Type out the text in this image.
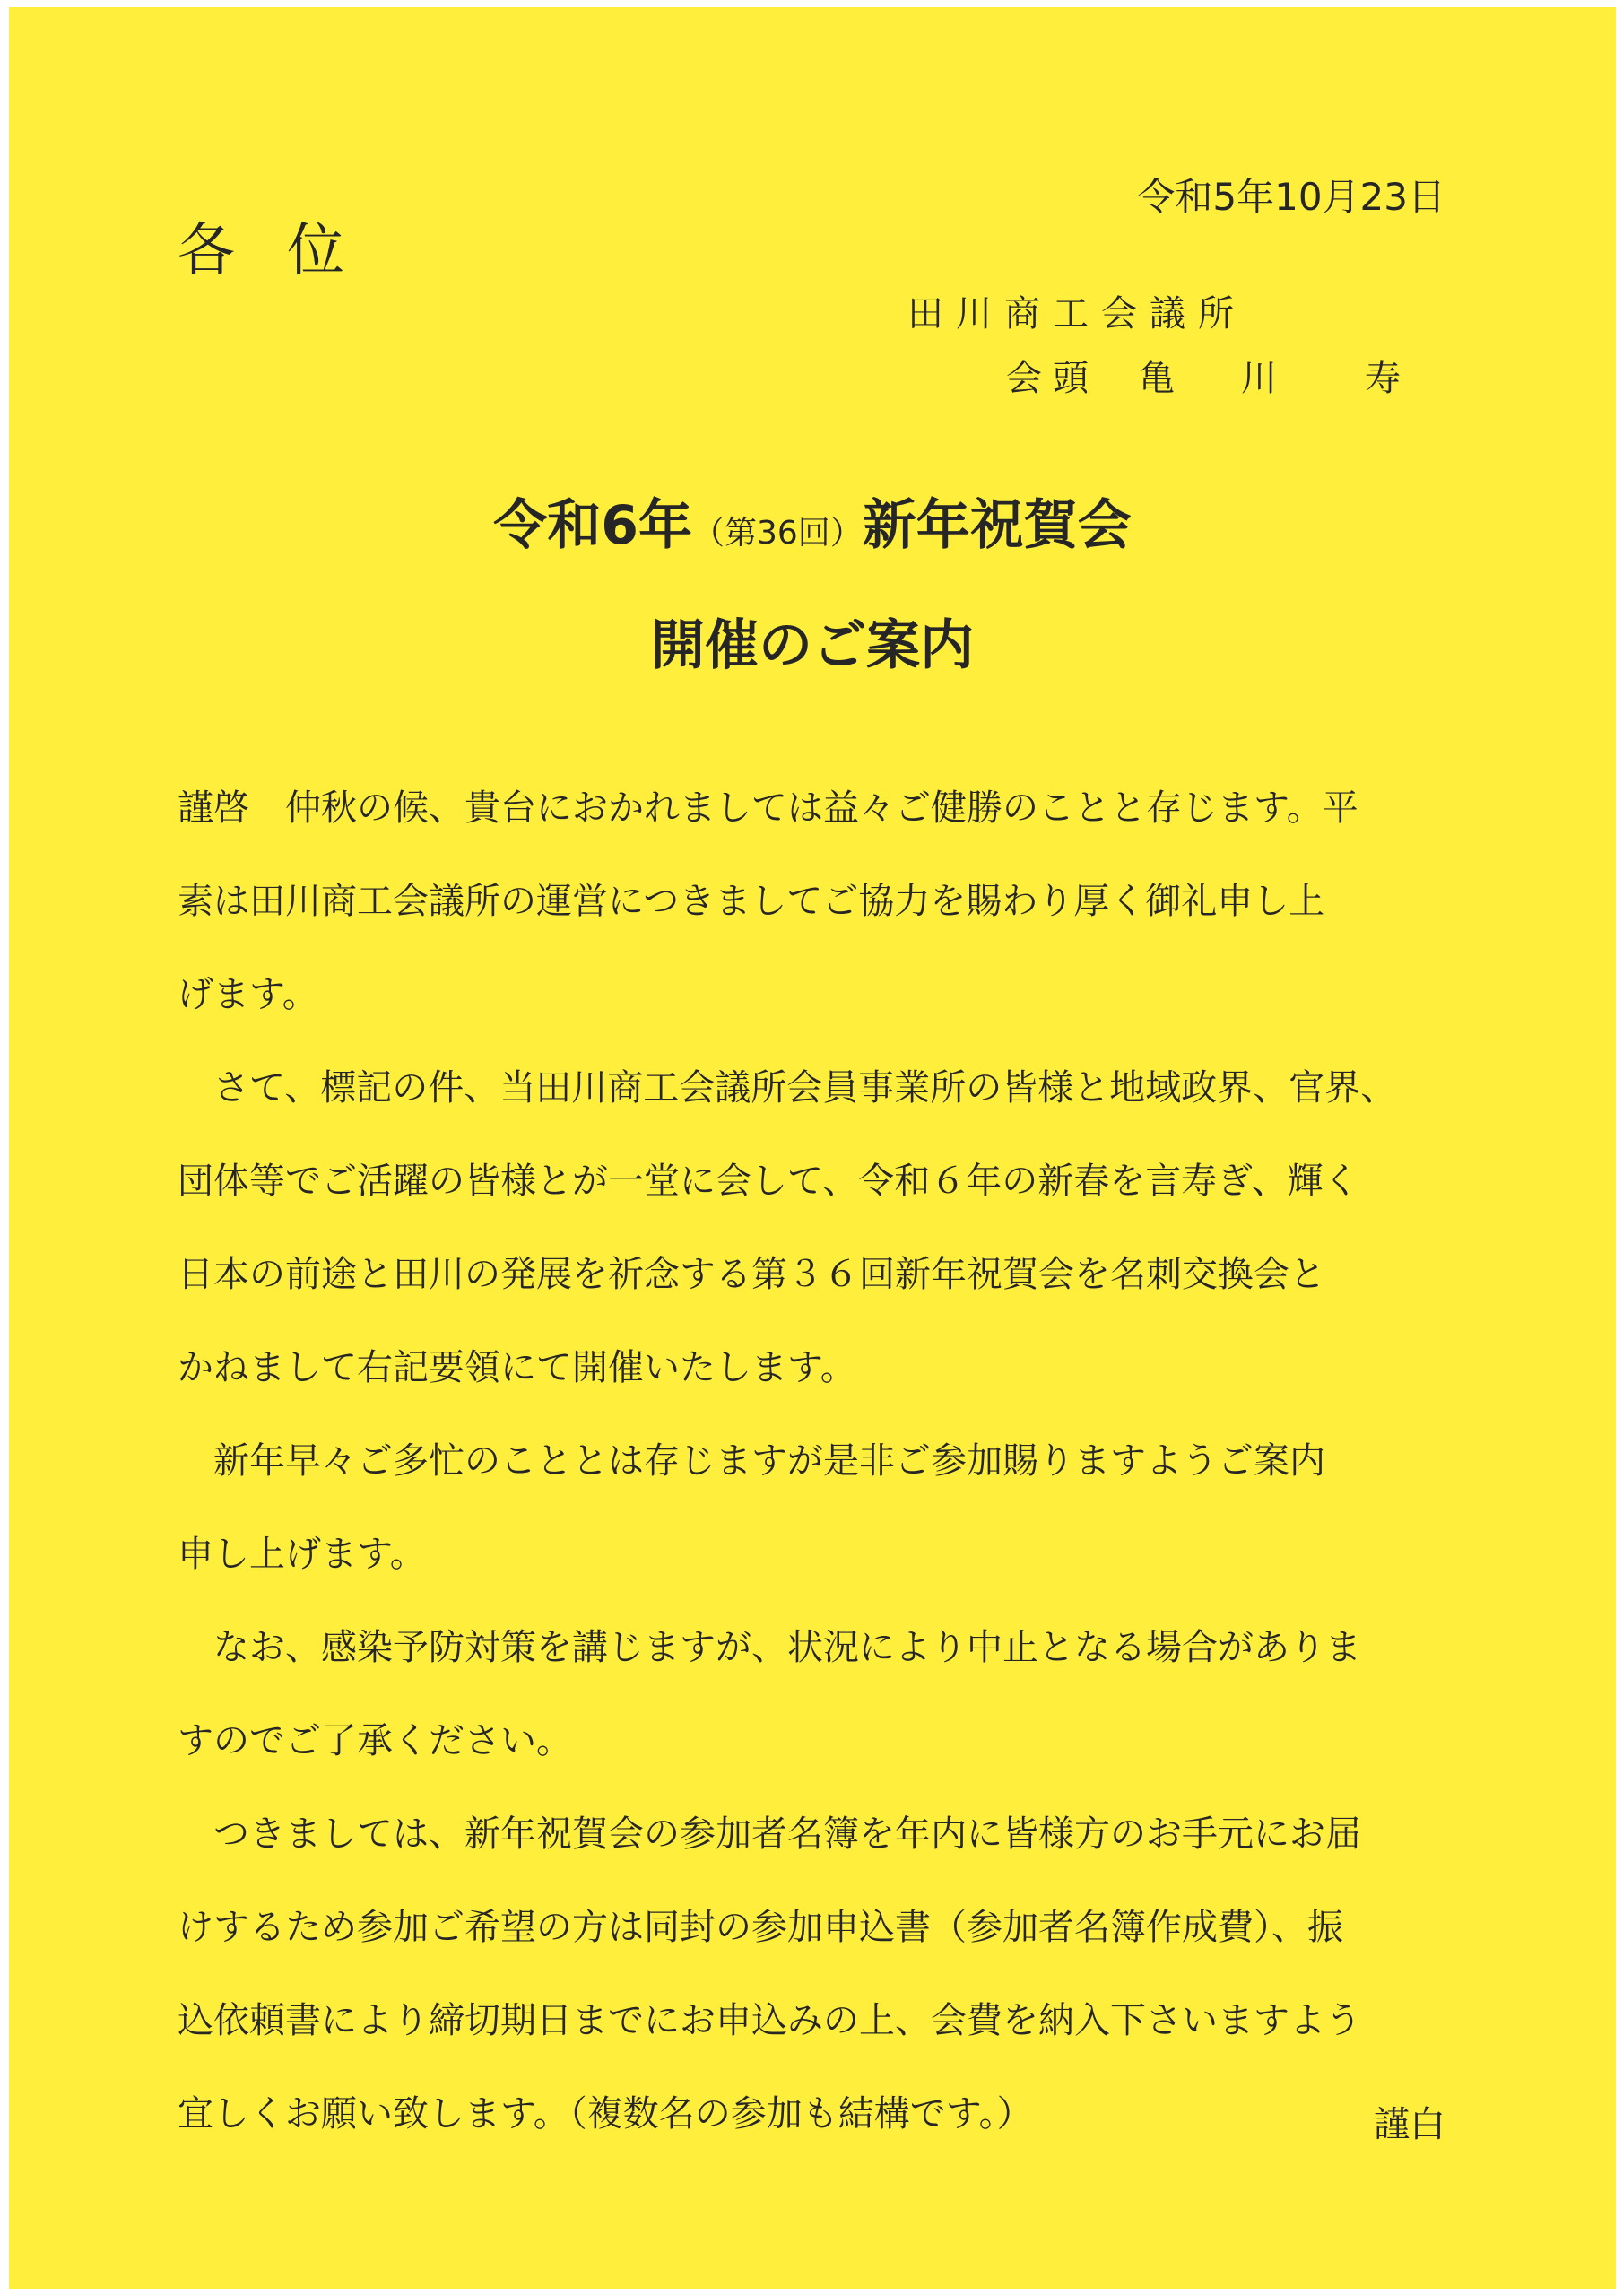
各位
令和5年10月23日
田川商工会議所
会頭 亀 川 寿
令和6年（第36回）新年祝賀会
開催のご案内
謹啓　仲秋の候、貴台におかれましては益々ご健勝のことと存じます。平
素は田川商工会議所の運営につきましてご協力を賜わり厚く御礼申し上
げます。
　さて、標記の件、当田川商工会議所会員事業所の皆様と地域政界、官界、
団体等でご活躍の皆様とが一堂に会して、令和６年の新春を言寿ぎ、輝く
日本の前途と田川の発展を祈念する第３６回新年祝賀会を名刺交換会と
かねまして右記要領にて開催いたします。
　新年早々ご多忙のこととは存じますが是非ご参加賜りますようご案内
申し上げます。
　なお、感染予防対策を講じますが、状況により中止となる場合がありま
すのでご了承ください。
　つきましては、新年祝賀会の参加者名簿を年内に皆様方のお手元にお届
けするため参加ご希望の方は同封の参加申込書（参加者名簿作成費）、振
込依頼書により締切期日までにお申込みの上、会費を納入下さいますよう
宜しくお願い致します。（複数名の参加も結構です。）	謹白
